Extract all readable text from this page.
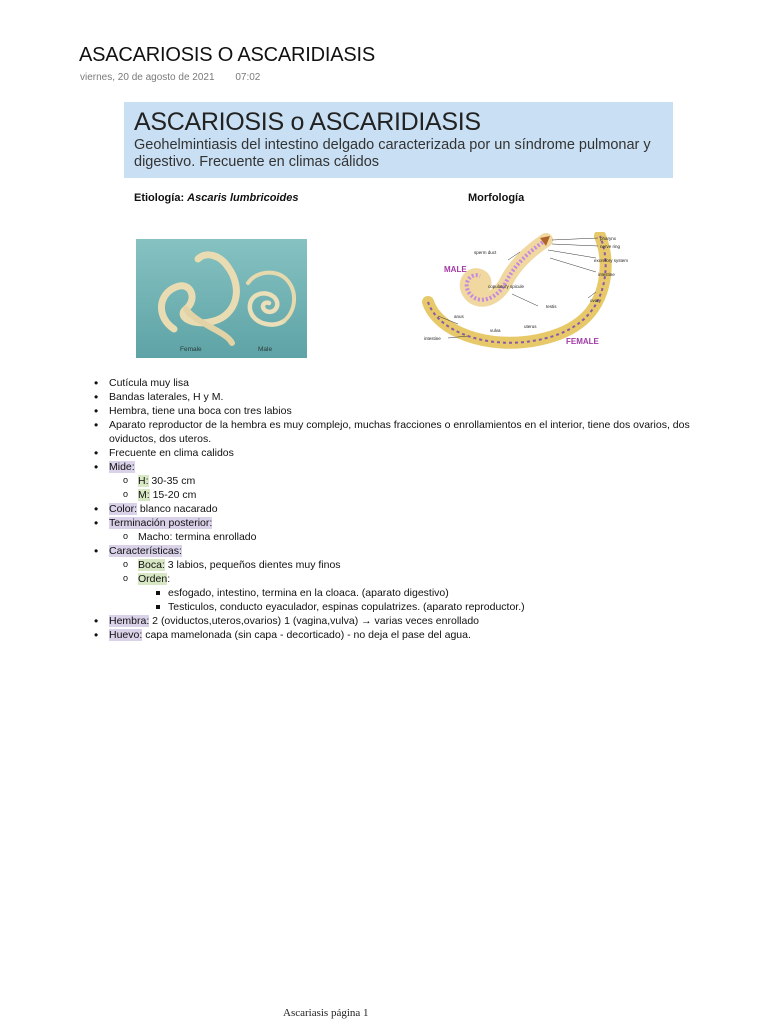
ASACARIOSIS O ASCARIDIASIS
viernes, 20 de agosto de 2021 07:02
ASCARIOSIS o ASCARIDIASIS
Geohelmintiasis del intestino delgado caracterizada por un síndrome pulmonar y digestivo. Frecuente en climas cálidos
Etiología: Ascaris lumbricoides	Morfología
Female	Male
MALE
FEMALE
sperm duct
copulatory spicule
testis
anus
vulva
uterus
intestine
pharynx
nerve ring
excretory system
intestine
ovary
• Cutícula muy lisa
• Bandas laterales, H y M.
• Hembra, tiene una boca con tres labios
• Aparato reproductor de la hembra es muy complejo, muchas fracciones o enrollamientos en el interior, tiene dos ovarios, dos oviductos, dos uteros.
• Frecuente en clima calidos
• Mide:
o H: 30-35 cm
o M: 15-20 cm
• Color: blanco nacarado
• Terminación posterior:
o Macho: termina enrollado
• Características:
o Boca: 3 labios, pequeños dientes muy finos
o Orden:
esfogado, intestino, termina en la cloaca. (aparato digestivo)
Testiculos, conducto eyaculador, espinas copulatrizes. (aparato reproductor.)
• Hembra: 2 (oviductos,uteros,ovarios) 1 (vagina,vulva) → varias veces enrollado
• Huevo: capa mamelonada (sin capa - decorticado) - no deja el pase del agua.
Ascariasis página 1
